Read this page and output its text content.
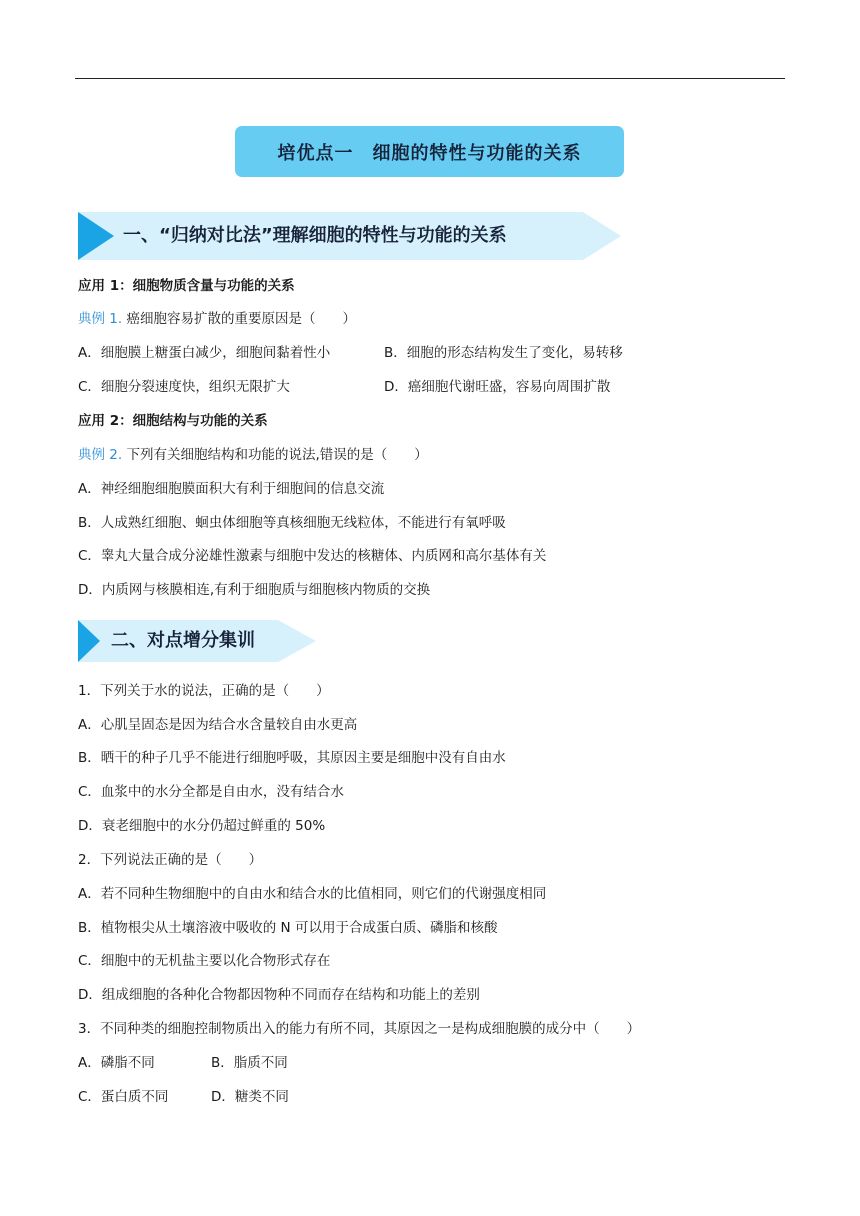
培优点一　细胞的特性与功能的关系
一、“归纳对比法”理解细胞的特性与功能的关系
应用 1：细胞物质含量与功能的关系
典例 1. 癌细胞容易扩散的重要原因是（　　）
A．细胞膜上糖蛋白减少，细胞间黏着性小	B．细胞的形态结构发生了变化，易转移
C．细胞分裂速度快，组织无限扩大	D．癌细胞代谢旺盛，容易向周围扩散
应用 2：细胞结构与功能的关系
典例 2. 下列有关细胞结构和功能的说法,错误的是（　　）
A．神经细胞细胞膜面积大有利于细胞间的信息交流
B．人成熟红细胞、蛔虫体细胞等真核细胞无线粒体，不能进行有氧呼吸
C．睾丸大量合成分泌雄性激素与细胞中发达的核糖体、内质网和高尔基体有关
D．内质网与核膜相连,有利于细胞质与细胞核内物质的交换
二、对点增分集训
1．下列关于水的说法，正确的是（　　）
A．心肌呈固态是因为结合水含量较自由水更高
B．晒干的种子几乎不能进行细胞呼吸，其原因主要是细胞中没有自由水
C．血浆中的水分全都是自由水，没有结合水
D．衰老细胞中的水分仍超过鲜重的 50%
2．下列说法正确的是（　　）
A．若不同种生物细胞中的自由水和结合水的比值相同，则它们的代谢强度相同
B．植物根尖从土壤溶液中吸收的 N 可以用于合成蛋白质、磷脂和核酸
C．细胞中的无机盐主要以化合物形式存在
D．组成细胞的各种化合物都因物种不同而存在结构和功能上的差别
3．不同种类的细胞控制物质出入的能力有所不同，其原因之一是构成细胞膜的成分中（　　）
A．磷脂不同	B．脂质不同
C．蛋白质不同	D．糖类不同
